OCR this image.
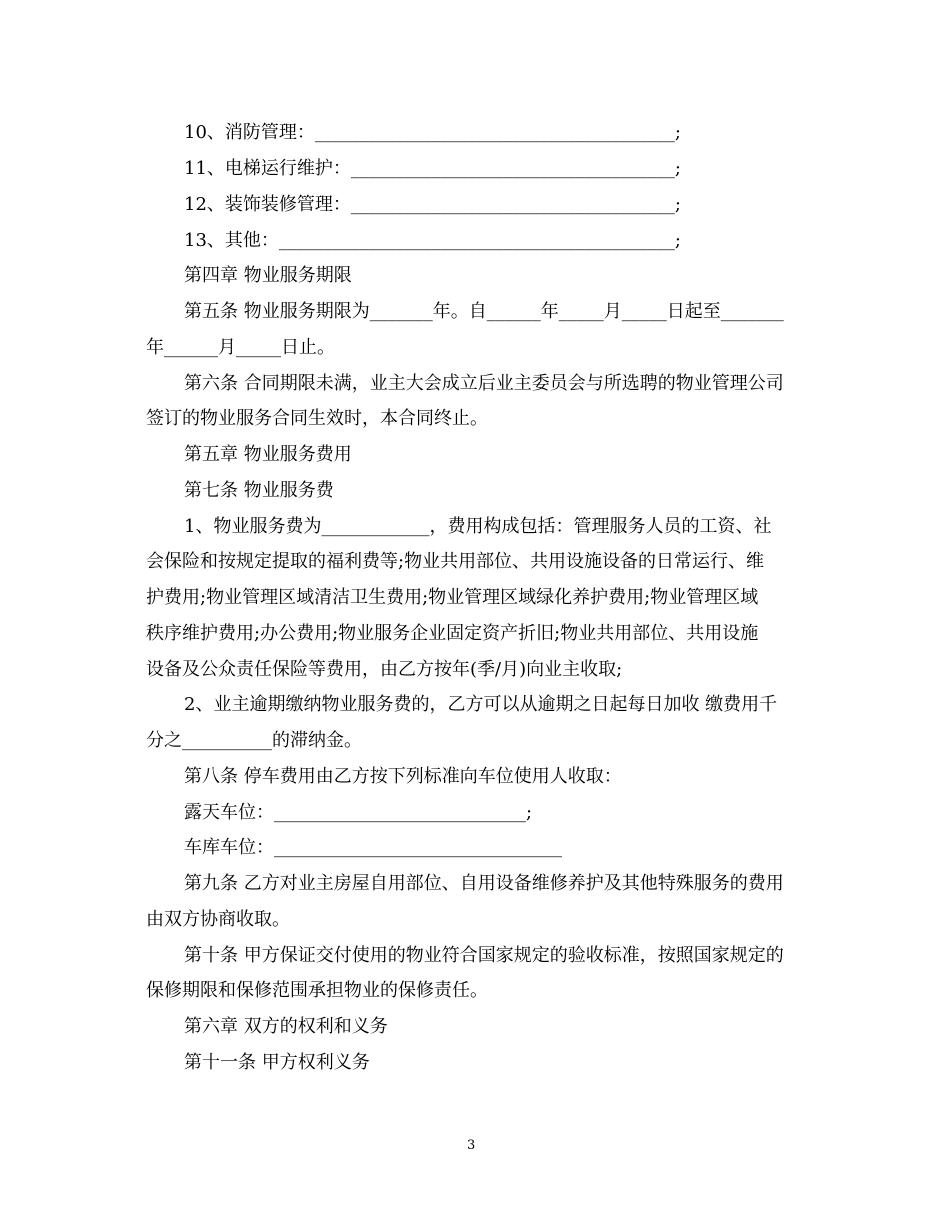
10、消防管理：________________________________________;
11、电梯运行维护：____________________________________;
12、装饰装修管理：____________________________________;
13、其他：____________________________________________;
第四章 物业服务期限
第五条 物业服务期限为_______年。自______年_____月_____日起至_______
年______月_____日止。
第六条 合同期限未满，业主大会成立后业主委员会与所选聘的物业管理公司
签订的物业服务合同生效时，本合同终止。
第五章 物业服务费用
第七条 物业服务费
1、物业服务费为____________，费用构成包括：管理服务人员的工资、社
会保险和按规定提取的福利费等;物业共用部位、共用设施设备的日常运行、维
护费用;物业管理区域清洁卫生费用;物业管理区域绿化养护费用;物业管理区域
秩序维护费用;办公费用;物业服务企业固定资产折旧;物业共用部位、共用设施
设备及公众责任保险等费用，由乙方按年(季/月)向业主收取;
2、业主逾期缴纳物业服务费的，乙方可以从逾期之日起每日加收 缴费用千
分之__________的滞纳金。
第八条 停车费用由乙方按下列标准向车位使用人收取：
露天车位：____________________________;
车库车位：________________________________
第九条 乙方对业主房屋自用部位、自用设备维修养护及其他特殊服务的费用
由双方协商收取。
第十条 甲方保证交付使用的物业符合国家规定的验收标准，按照国家规定的
保修期限和保修范围承担物业的保修责任。
第六章 双方的权利和义务
第十一条 甲方权利义务
3
